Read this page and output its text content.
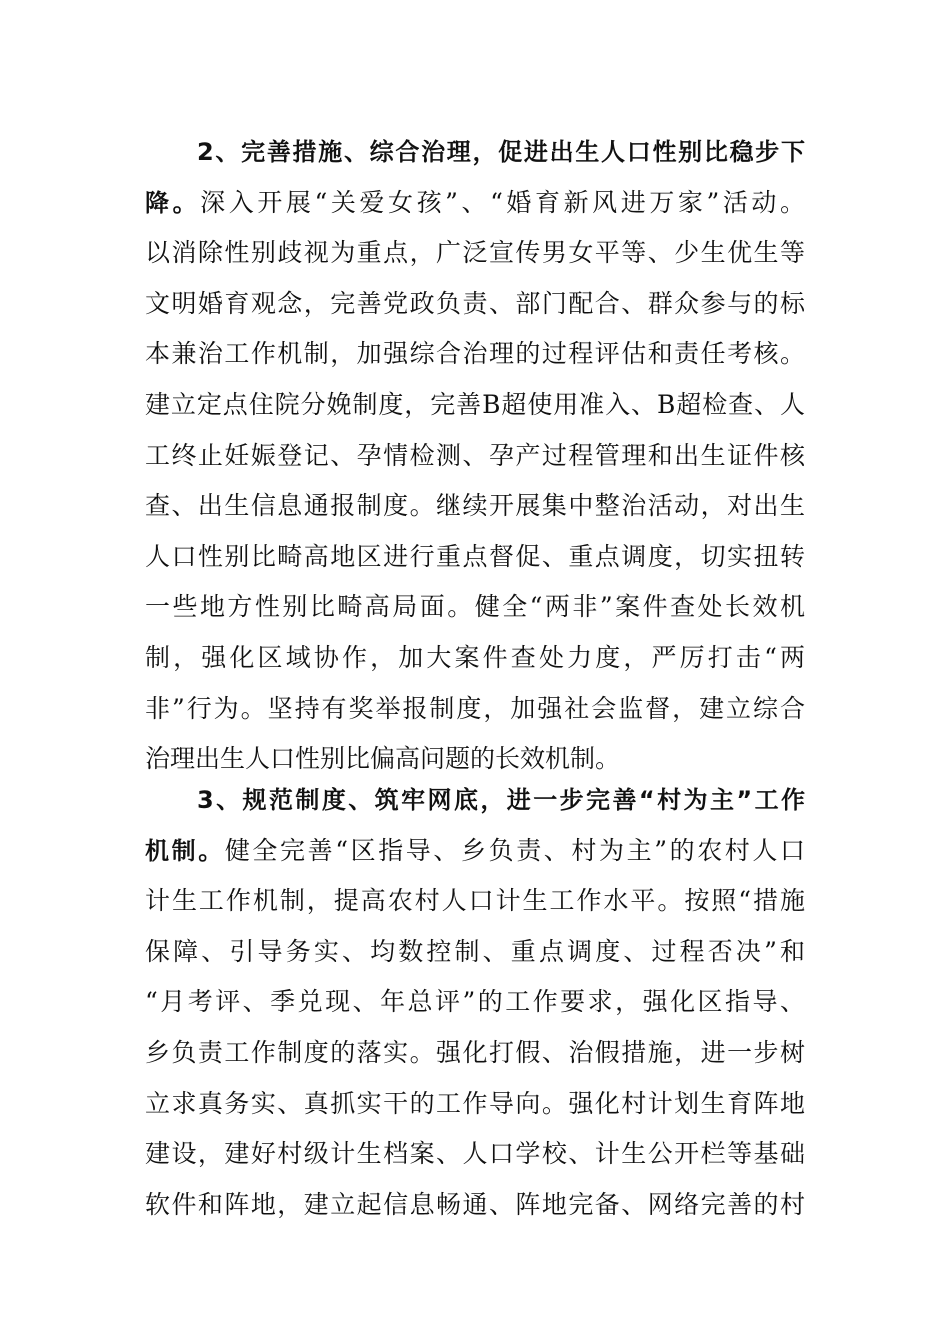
2、完善措施、综合治理，促进出生人口性别比稳步下
降。深入开展“关爱女孩”、“婚育新风进万家”活动。
以消除性别歧视为重点，广泛宣传男女平等、少生优生等
文明婚育观念，完善党政负责、部门配合、群众参与的标
本兼治工作机制，加强综合治理的过程评估和责任考核。
建立定点住院分娩制度，完善B超使用准入、B超检查、人
工终止妊娠登记、孕情检测、孕产过程管理和出生证件核
查、出生信息通报制度。继续开展集中整治活动，对出生
人口性别比畸高地区进行重点督促、重点调度，切实扭转
一些地方性别比畸高局面。健全“两非”案件查处长效机
制，强化区域协作，加大案件查处力度，严厉打击“两
非”行为。坚持有奖举报制度，加强社会监督，建立综合
治理出生人口性别比偏高问题的长效机制。
3、规范制度、筑牢网底，进一步完善“村为主”工作
机制。健全完善“区指导、乡负责、村为主”的农村人口
计生工作机制，提高农村人口计生工作水平。按照“措施
保障、引导务实、均数控制、重点调度、过程否决”和
“月考评、季兑现、年总评”的工作要求，强化区指导、
乡负责工作制度的落实。强化打假、治假措施，进一步树
立求真务实、真抓实干的工作导向。强化村计划生育阵地
建设，建好村级计生档案、人口学校、计生公开栏等基础
软件和阵地，建立起信息畅通、阵地完备、网络完善的村
